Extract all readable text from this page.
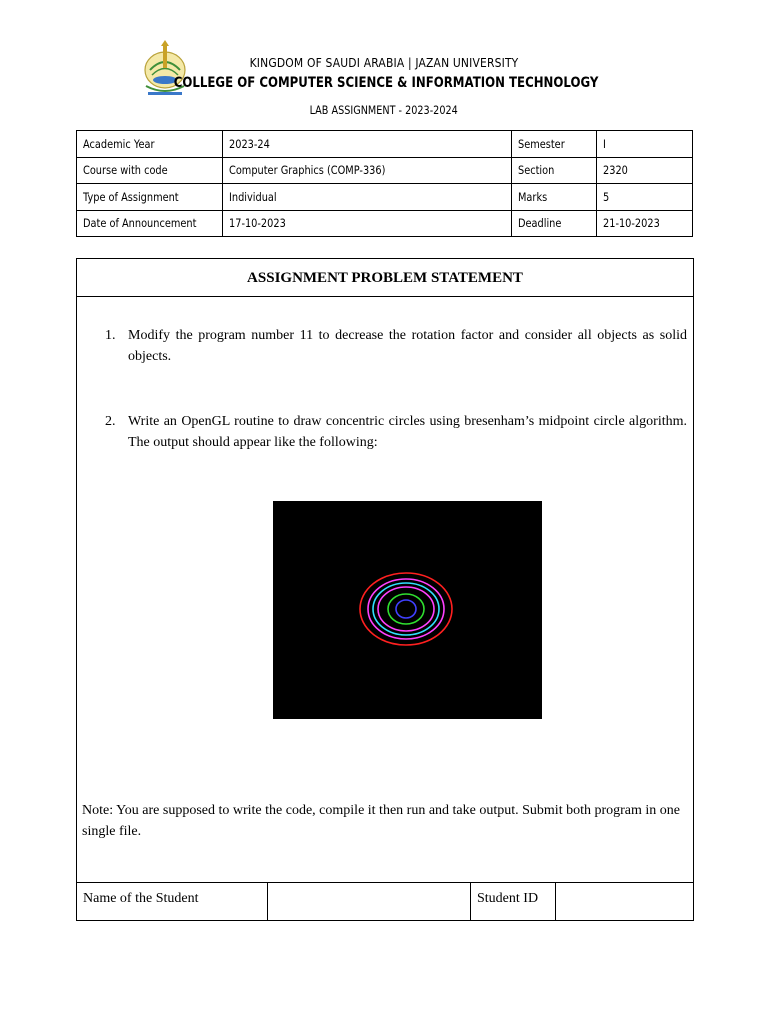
KINGDOM OF SAUDI ARABIA | JAZAN UNIVERSITY
COLLEGE OF COMPUTER SCIENCE & INFORMATION TECHNOLOGY
LAB ASSIGNMENT - 2023-2024
Academic Year	2023-24	Semester	I
Course with code	Computer Graphics (COMP-336)	Section	2320
Type of Assignment	Individual	Marks	5
Date of Announcement	17-10-2023	Deadline	21-10-2023
ASSIGNMENT PROBLEM STATEMENT
1. Modify the program number 11 to decrease the rotation factor and consider all objects as solid objects.
2. Write an OpenGL routine to draw concentric circles using bresenham’s midpoint circle algorithm. The output should appear like the following:
Note: You are supposed to write the code, compile it then run and take output. Submit both program in one single file.
Name of the Student	Student ID
